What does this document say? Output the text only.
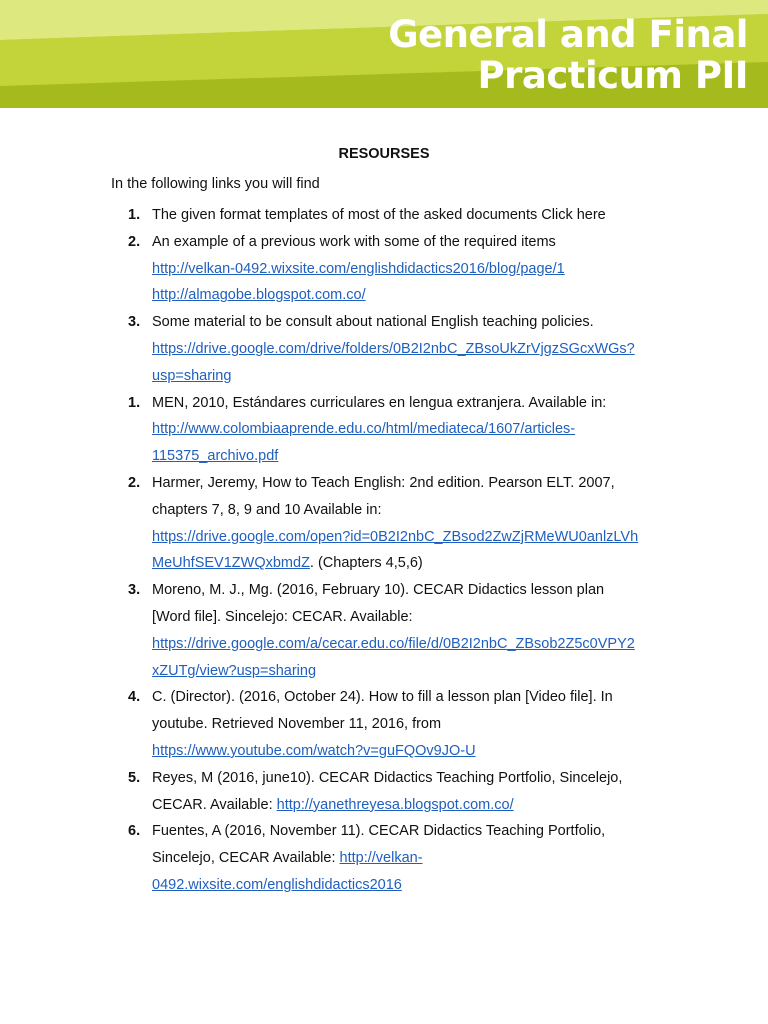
General and Final
Practicum PII
RESOURSES
In the following links you will find
1. The given format templates of most of the asked documents Click here
2. An example of a previous work with some of the required items
http://velkan-0492.wixsite.com/englishdidactics2016/blog/page/1
http://almagobe.blogspot.com.co/
3. Some material to be consult about national English teaching policies.
https://drive.google.com/drive/folders/0B2I2nbC_ZBsoUkZrVjgzSGcxWGs?
usp=sharing
1. MEN, 2010, Estándares curriculares en lengua extranjera. Available in:
http://www.colombiaaprende.edu.co/html/mediateca/1607/articles-
115375_archivo.pdf
2. Harmer, Jeremy, How to Teach English: 2nd edition. Pearson ELT. 2007,
chapters 7, 8, 9 and 10 Available in:
https://drive.google.com/open?id=0B2I2nbC_ZBsod2ZwZjRMeWU0anlzLVh
MeUhfSEV1ZWQxbmdZ. (Chapters 4,5,6)
3. Moreno, M. J., Mg. (2016, February 10). CECAR Didactics lesson plan
[Word file]. Sincelejo: CECAR. Available:
https://drive.google.com/a/cecar.edu.co/file/d/0B2I2nbC_ZBsob2Z5c0VPY2
xZUTg/view?usp=sharing
4. C. (Director). (2016, October 24). How to fill a lesson plan [Video file]. In
youtube. Retrieved November 11, 2016, from
https://www.youtube.com/watch?v=guFQOv9JO-U
5. Reyes, M (2016, june10). CECAR Didactics Teaching Portfolio, Sincelejo,
CECAR. Available: http://yanethreyesa.blogspot.com.co/
6. Fuentes, A (2016, November 11). CECAR Didactics Teaching Portfolio,
Sincelejo, CECAR Available: http://velkan-
0492.wixsite.com/englishdidactics2016
